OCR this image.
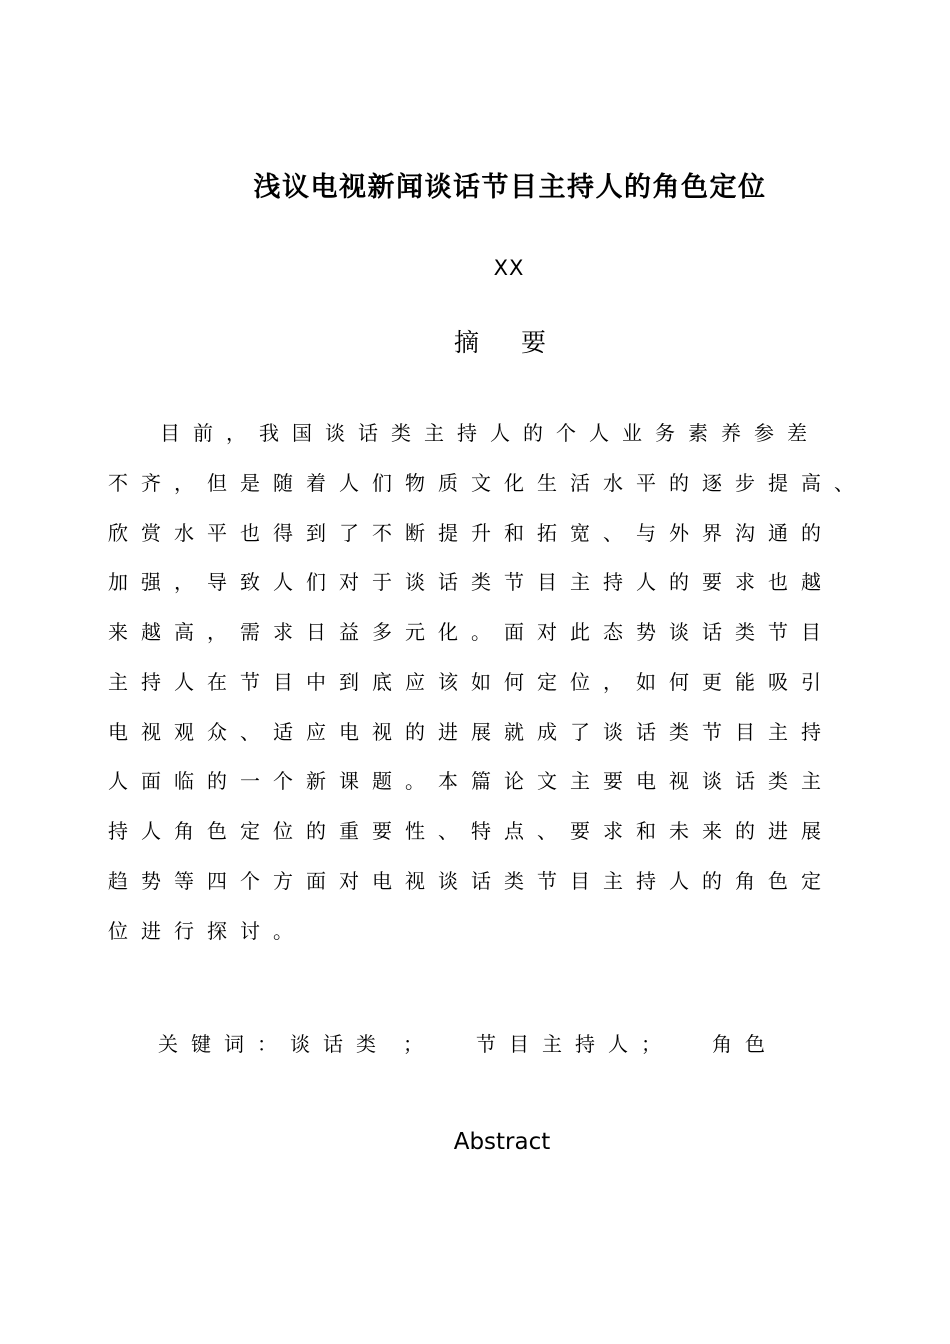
浅议电视新闻谈话节目主持人的角色定位
XX
摘 要
目前，我国谈话类主持人的个人业务素养参差
不齐，但是随着人们物质文化生活水平的逐步提高、
欣赏水平也得到了不断提升和拓宽、与外界沟通的
加强，导致人们对于谈话类节目主持人的要求也越
来越高，需求日益多元化。面对此态势谈话类节目
主持人在节目中到底应该如何定位，如何更能吸引
电视观众、适应电视的进展就成了谈话类节目主持
人面临的一个新课题。本篇论文主要电视谈话类主
持人角色定位的重要性、特点、要求和未来的进展
趋势等四个方面对电视谈话类节目主持人的角色定
位进行探讨。
关键词：谈话类 ； 节目主持人； 角色
Abstract
